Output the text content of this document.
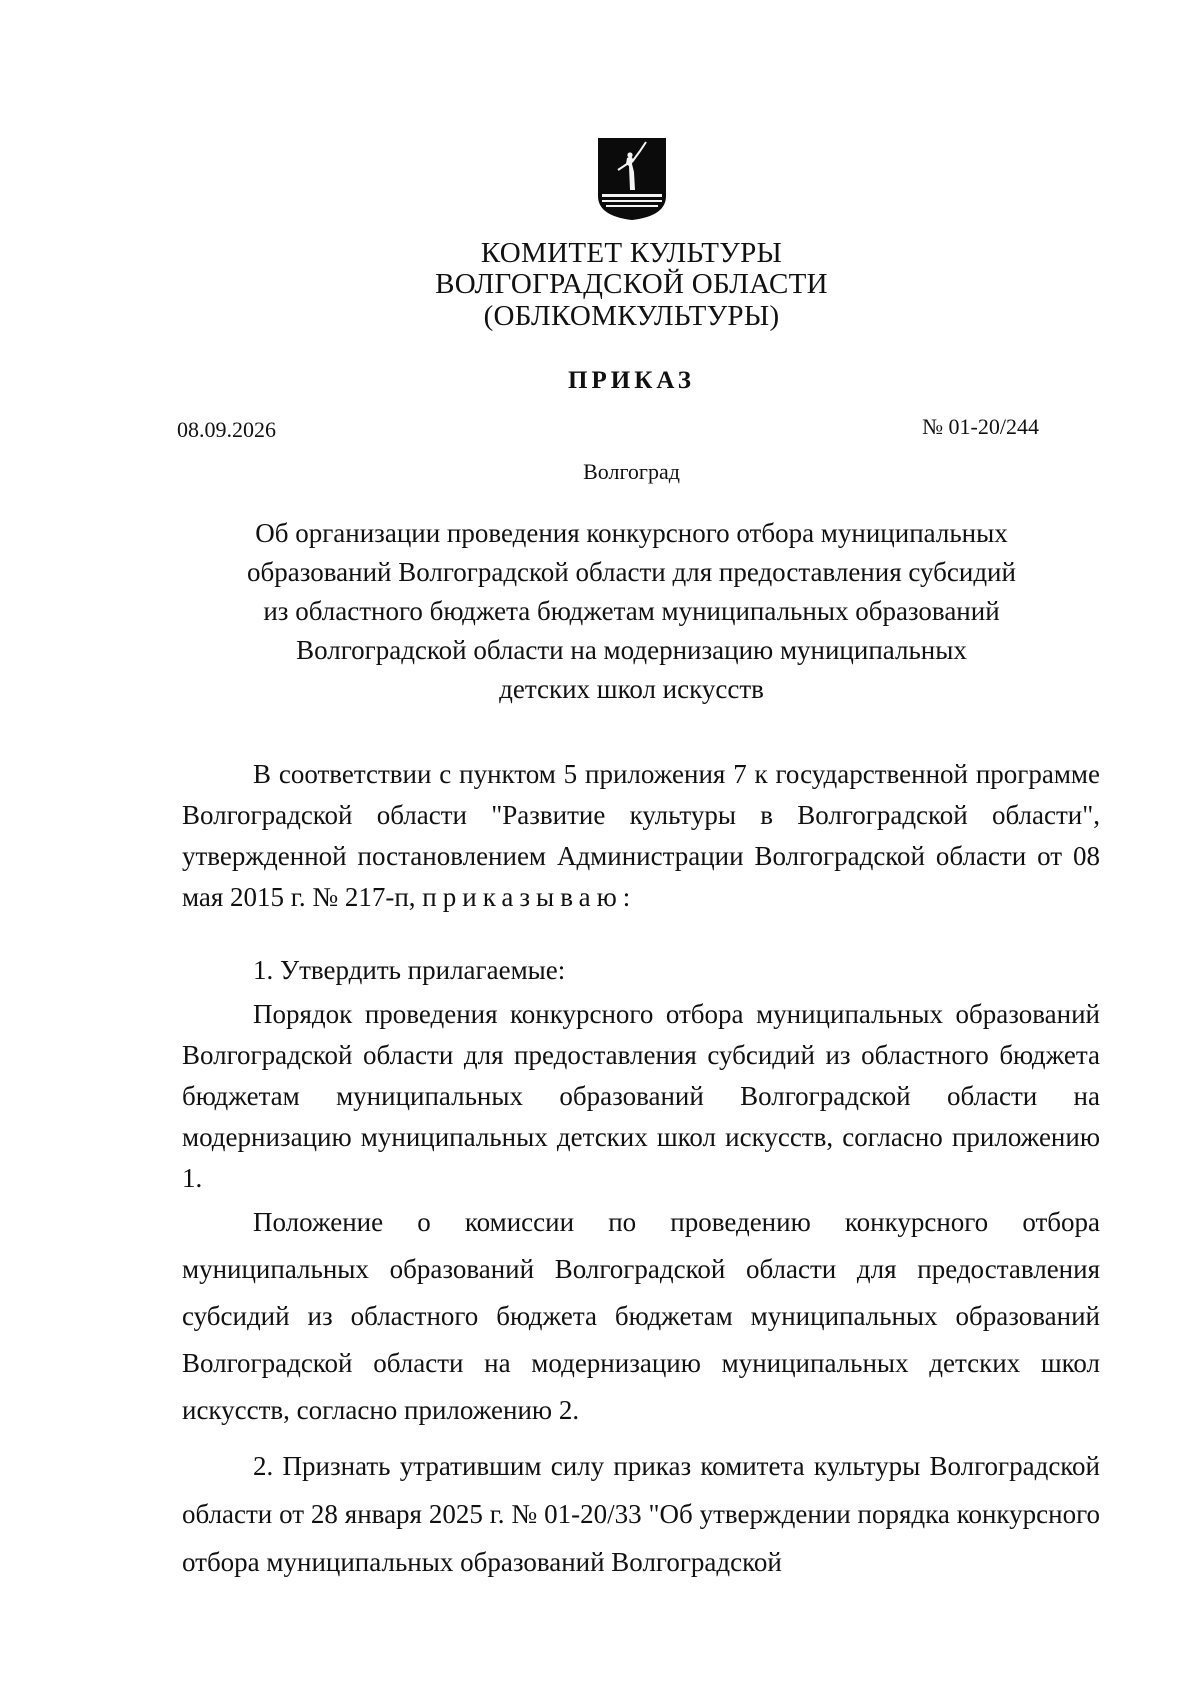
КОМИТЕТ КУЛЬТУРЫ
ВОЛГОГРАДСКОЙ ОБЛАСТИ
(ОБЛКОМКУЛЬТУРЫ)
ПРИКАЗ
08.09.2026	№ 01-20/244
Волгоград
Об организации проведения конкурсного отбора муниципальных
образований Волгоградской области для предоставления субсидий
из областного бюджета бюджетам муниципальных образований
Волгоградской области на модернизацию муниципальных
детских школ искусств
В соответствии с пунктом 5 приложения 7 к государственной программе Волгоградской области "Развитие культуры в Волгоградской области", утвержденной постановлением Администрации Волгоградской области от 08 мая 2015 г. № 217-п, приказываю:
1. Утвердить прилагаемые:
Порядок проведения конкурсного отбора муниципальных образований Волгоградской области для предоставления субсидий из областного бюджета бюджетам муниципальных образований Волгоградской области на модернизацию муниципальных детских школ искусств, согласно приложению 1.
Положение о комиссии по проведению конкурсного отбора муниципальных образований Волгоградской области для предоставления субсидий из областного бюджета бюджетам муниципальных образований Волгоградской области на модернизацию муниципальных детских школ искусств, согласно приложению 2.
2. Признать утратившим силу приказ комитета культуры Волгоградской области от 28 января 2025 г. № 01-20/33 "Об утверждении порядка конкурсного отбора муниципальных образований Волгоградской
